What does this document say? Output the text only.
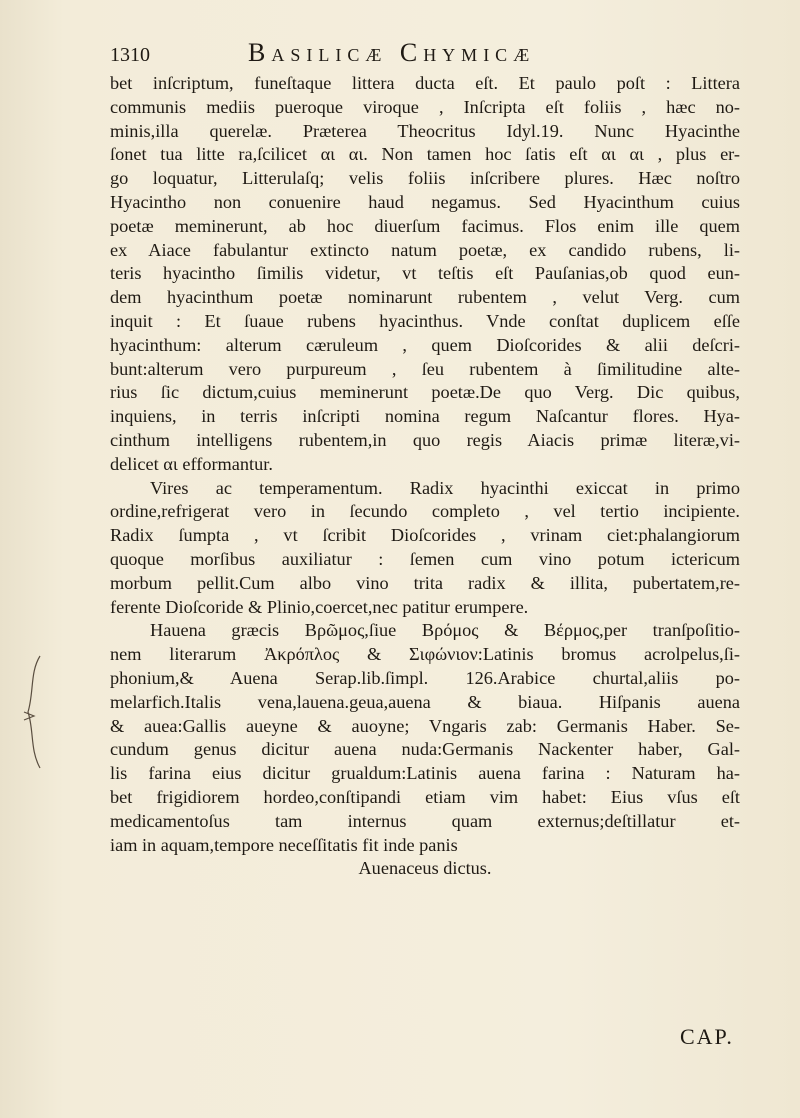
1310	Basilicæ Chymicæ

bet inſcriptum, funeſtaque littera ducta eſt. Et paulo poſt : Littera
communis mediis pueroque viroque , Inſcripta eſt foliis , hæc no-
minis,illa querelæ. Præterea Theocritus Idyl.19. Nunc Hyacinthe
ſonet tua litte ra,ſcilicet αι αι. Non tamen hoc ſatis eſt αι αι , plus er-
go loquatur, Litterulaſq; velis foliis inſcribere plures. Hæc noſtro
Hyacintho non conuenire haud negamus. Sed Hyacinthum cuius
poetæ meminerunt, ab hoc diuerſum facimus. Flos enim ille quem
ex Aiace fabulantur extincto natum poetæ, ex candido rubens, li-
teris hyacintho ſimilis videtur, vt teſtis eſt Pauſanias,ob quod eun-
dem hyacinthum poetæ nominarunt rubentem , velut Verg. cum
inquit : Et ſuaue rubens hyacinthus. Vnde conſtat duplicem eſſe
hyacinthum: alterum cæruleum , quem Dioſcorides & alii deſcri-
bunt:alterum vero purpureum , ſeu rubentem à ſimilitudine alte-
rius ſic dictum,cuius meminerunt poetæ.De quo Verg. Dic quibus,
inquiens, in terris inſcripti nomina regum Naſcantur flores. Hya-
cinthum intelligens rubentem,in quo regis Aiacis primæ literæ,vi-
delicet αι efformantur.

Vires ac temperamentum. Radix hyacinthi exiccat in primo
ordine,refrigerat vero in ſecundo completo , vel tertio incipiente.
Radix ſumpta , vt ſcribit Dioſcorides , vrinam ciet:phalangiorum
quoque morſibus auxiliatur : ſemen cum vino potum ictericum
morbum pellit.Cum albo vino trita radix & illita, pubertatem,re-
ferente Dioſcoride & Plinio,coercet,nec patitur erumpere.

Hauena græcis Βρῶμος,ſiue Βρόμος & Βέρμος,per tranſpoſitio-
nem literarum Ἀκρόπλος & Σιφώνιον:Latinis bromus acrolpelus,ſi-
phonium,& Auena Serap.lib.ſimpl. 126.Arabice churtal,aliis po-
melarfich.Italis vena,lauena.geua,auena & biaua. Hiſpanis auena
& auea:Gallis aueyne & auoyne; Vngaris zab: Germanis Haber. Se-
cundum genus dicitur auena nuda:Germanis Nackenter haber, Gal-
lis farina eius dicitur grualdum:Latinis auena farina : Naturam ha-
bet frigidiorem hordeo,conſtipandi etiam vim habet: Eius vſus eſt
medicamentoſus tam internus quam externus;deſtillatur et-
iam in aquam,tempore neceſſitatis fit inde panis

Auenaceus dictus.

CAP.
